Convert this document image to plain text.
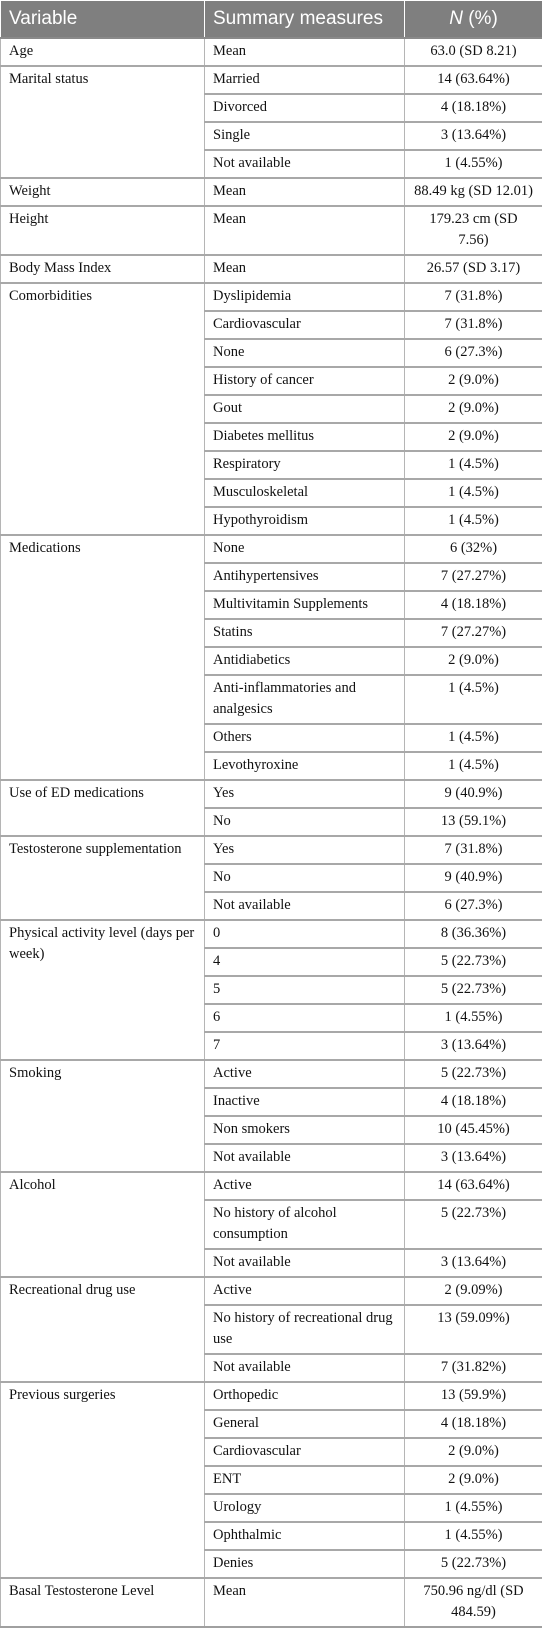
Variable	Summary measures	N (%)
Age	Mean	63.0 (SD 8.21)
Marital status	Married	14 (63.64%)
	Divorced	4 (18.18%)
	Single	3 (13.64%)
	Not available	1 (4.55%)
Weight	Mean	88.49 kg (SD 12.01)
Height	Mean	179.23 cm (SD 7.56)
Body Mass Index	Mean	26.57 (SD 3.17)
Comorbidities	Dyslipidemia	7 (31.8%)
	Cardiovascular	7 (31.8%)
	None	6 (27.3%)
	History of cancer	2 (9.0%)
	Gout	2 (9.0%)
	Diabetes mellitus	2 (9.0%)
	Respiratory	1 (4.5%)
	Musculoskeletal	1 (4.5%)
	Hypothyroidism	1 (4.5%)
Medications	None	6 (32%)
	Antihypertensives	7 (27.27%)
	Multivitamin Supplements	4 (18.18%)
	Statins	7 (27.27%)
	Antidiabetics	2 (9.0%)
	Anti-inflammatories and analgesics	1 (4.5%)
	Others	1 (4.5%)
	Levothyroxine	1 (4.5%)
Use of ED medications	Yes	9 (40.9%)
	No	13 (59.1%)
Testosterone supplementation	Yes	7 (31.8%)
	No	9 (40.9%)
	Not available	6 (27.3%)
Physical activity level (days per week)	0	8 (36.36%)
	4	5 (22.73%)
	5	5 (22.73%)
	6	1 (4.55%)
	7	3 (13.64%)
Smoking	Active	5 (22.73%)
	Inactive	4 (18.18%)
	Non smokers	10 (45.45%)
	Not available	3 (13.64%)
Alcohol	Active	14 (63.64%)
	No history of alcohol consumption	5 (22.73%)
	Not available	3 (13.64%)
Recreational drug use	Active	2 (9.09%)
	No history of recreational drug use	13 (59.09%)
	Not available	7 (31.82%)
Previous surgeries	Orthopedic	13 (59.9%)
	General	4 (18.18%)
	Cardiovascular	2 (9.0%)
	ENT	2 (9.0%)
	Urology	1 (4.55%)
	Ophthalmic	1 (4.55%)
	Denies	5 (22.73%)
Basal Testosterone Level	Mean	750.96 ng/dl (SD 484.59)
